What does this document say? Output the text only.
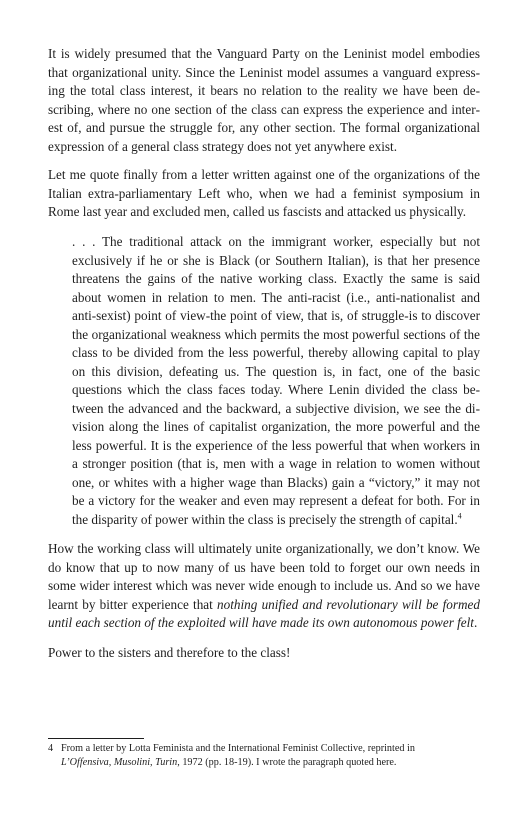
It is widely presumed that the Vanguard Party on the Leninist model embodies that organizational unity. Since the Leninist model assumes a vanguard expressing the total class interest, it bears no relation to the reality we have been describing, where no one section of the class can express the experience and interest of, and pursue the struggle for, any other section. The formal organizational expression of a general class strategy does not yet anywhere exist.

Let me quote finally from a letter written against one of the organizations of the Italian extra-parliamentary Left who, when we had a feminist symposium in Rome last year and excluded men, called us fascists and attacked us physically.

. . . The traditional attack on the immigrant worker, especially but not exclusively if he or she is Black (or Southern Italian), is that her presence threatens the gains of the native working class. Exactly the same is said about women in relation to men. The anti-racist (i.e., anti-nationalist and anti-sexist) point of view-the point of view, that is, of struggle-is to discover the organizational weakness which permits the most powerful sections of the class to be divided from the less powerful, thereby allowing capital to play on this division, defeating us. The question is, in fact, one of the basic questions which the class faces today. Where Lenin divided the class between the advanced and the backward, a subjective division, we see the division along the lines of capitalist organization, the more powerful and the less powerful. It is the experience of the less powerful that when workers in a stronger position (that is, men with a wage in relation to women without one, or whites with a higher wage than Blacks) gain a “victory,” it may not be a victory for the weaker and even may represent a defeat for both. For in the disparity of power within the class is precisely the strength of capital.$^4$

How the working class will ultimately unite organizationally, we don’t know. We do know that up to now many of us have been told to forget our own needs in some wider interest which was never wide enough to include us. And so we have learnt by bitter experience that nothing unified and revolutionary will be formed until each section of the exploited will have made its own autonomous power felt.

Power to the sisters and therefore to the class!

4 From a letter by Lotta Feminista and the International Feminist Collective, reprinted in
L’Offensiva, Musolini, Turin, 1972 (pp. 18-19). I wrote the paragraph quoted here.
